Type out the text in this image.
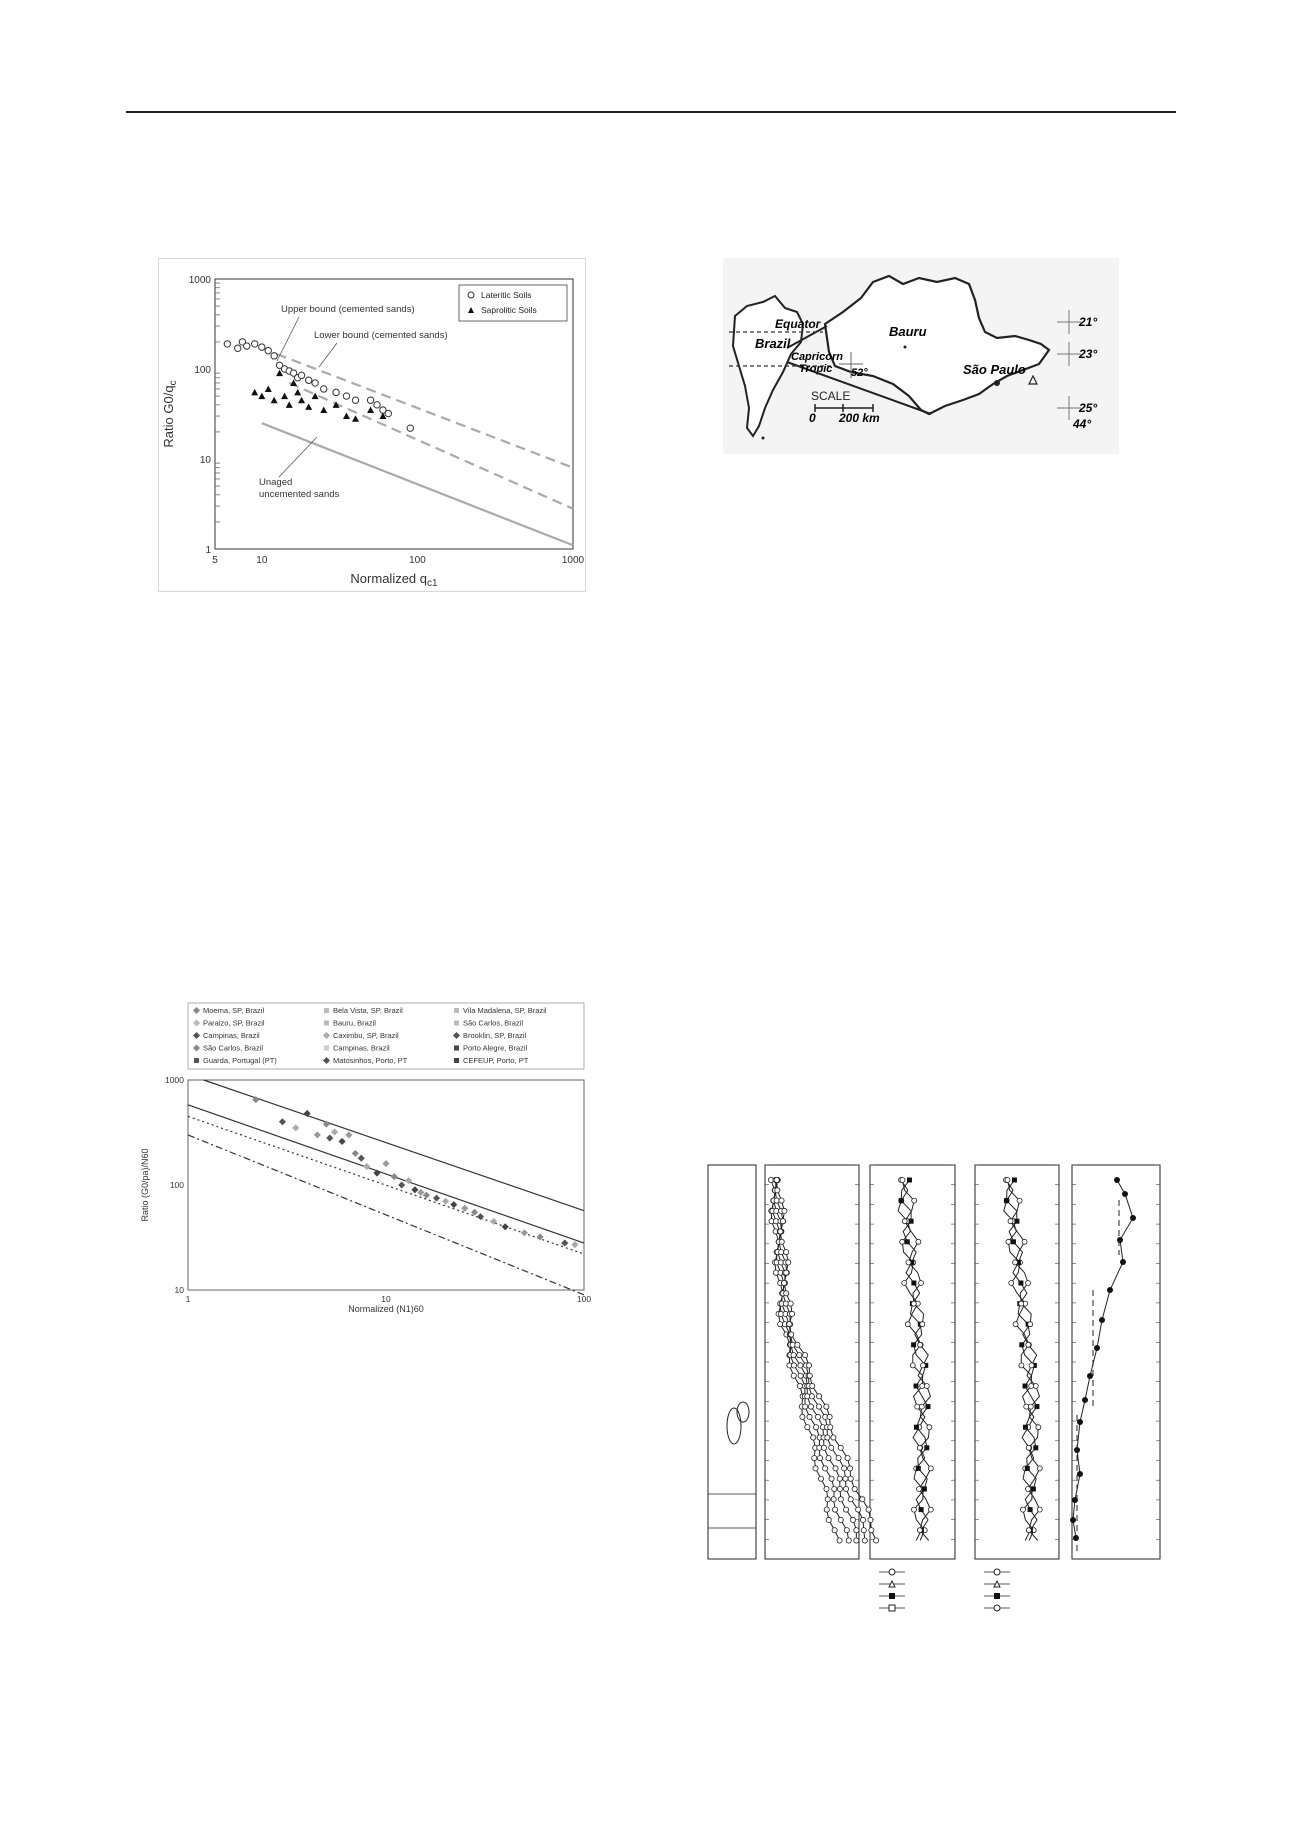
1000
100
10
1
5	10	100	1000
Lateritic Soils
Saprolitic Soils
Upper bound (cemented sands)
Lower bound (cemented sands)
Unaged
uncemented sands
Ratio $G0/q_c$
Normalized $q_{c1}$
Equator
Brazil
Capricorn
Tropic 52°
SCALE
0 200 km
Bauru
São Paulo
21°
23°
25°
44°
Moema, SP, Brazil	Bela Vista, SP, Brazil	Vila Madalena, SP, Brazil
Paraizo, SP, Brazil	Bauru, Brazil	São Carlos, Brazil
Campinas, Brazil	Caximbu, SP, Brazil	Brooklin, SP, Brazil
São Carlos, Brazil	Campinas, Brazil	Porto Alegre, Brazil
Guarda, Portugal (PT)	Matosinhos, Porto, PT	CEFEUP, Porto, PT
1000
100
10
1	10	100
Ratio (G0/pa)/N60
Normalized (N1)60
